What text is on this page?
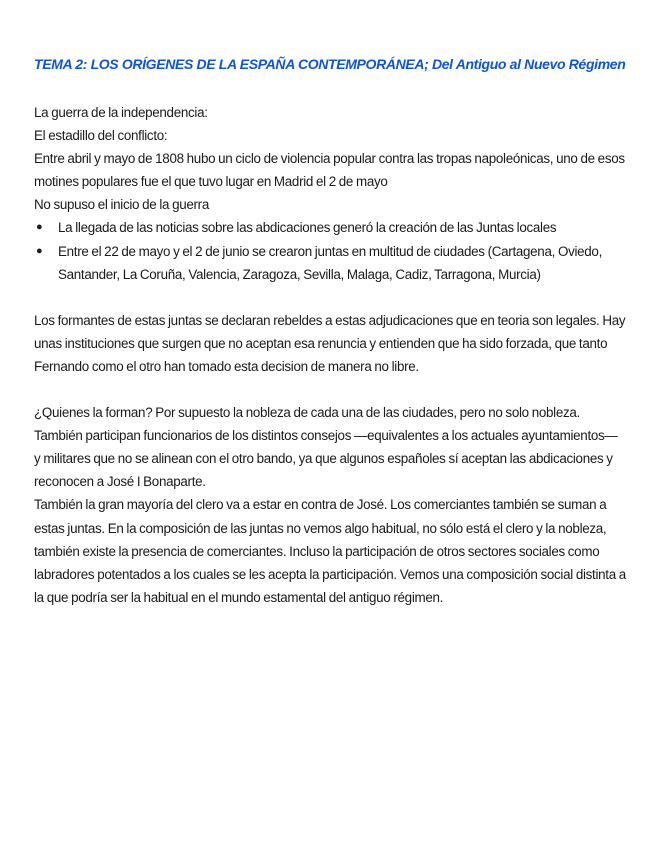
TEMA 2: LOS ORÍGENES DE LA ESPAÑA CONTEMPORÁNEA; Del Antiguo al Nuevo Régimen

La guerra de la independencia:

El estadillo del conflicto:

Entre abril y mayo de 1808 hubo un ciclo de violencia popular contra las tropas napoleónicas, uno de esos motines populares fue el que tuvo lugar en Madrid el 2 de mayo

No supuso el inicio de la guerra

● La llegada de las noticias sobre las abdicaciones generó la creación de las Juntas locales
● Entre el 22 de mayo y el 2 de junio se crearon juntas en multitud de ciudades (Cartagena, Oviedo, Santander, La Coruña, Valencia, Zaragoza, Sevilla, Malaga, Cadiz, Tarragona, Murcia)

Los formantes de estas juntas se declaran rebeldes a estas adjudicaciones que en teoria son legales. Hay unas instituciones que surgen que no aceptan esa renuncia y entienden que ha sido forzada, que tanto Fernando como el otro han tomado esta decision de manera no libre.

¿Quienes la forman? Por supuesto la nobleza de cada una de las ciudades, pero no solo nobleza. También participan funcionarios de los distintos consejos —equivalentes a los actuales ayuntamientos— y militares que no se alinean con el otro bando, ya que algunos españoles sí aceptan las abdicaciones y reconocen a José I Bonaparte.

También la gran mayoría del clero va a estar en contra de José. Los comerciantes también se suman a estas juntas. En la composición de las juntas no vemos algo habitual, no sólo está el clero y la nobleza, también existe la presencia de comerciantes. Incluso la participación de otros sectores sociales como labradores potentados a los cuales se les acepta la participación. Vemos una composición social distinta a la que podría ser la habitual en el mundo estamental del antiguo régimen.
